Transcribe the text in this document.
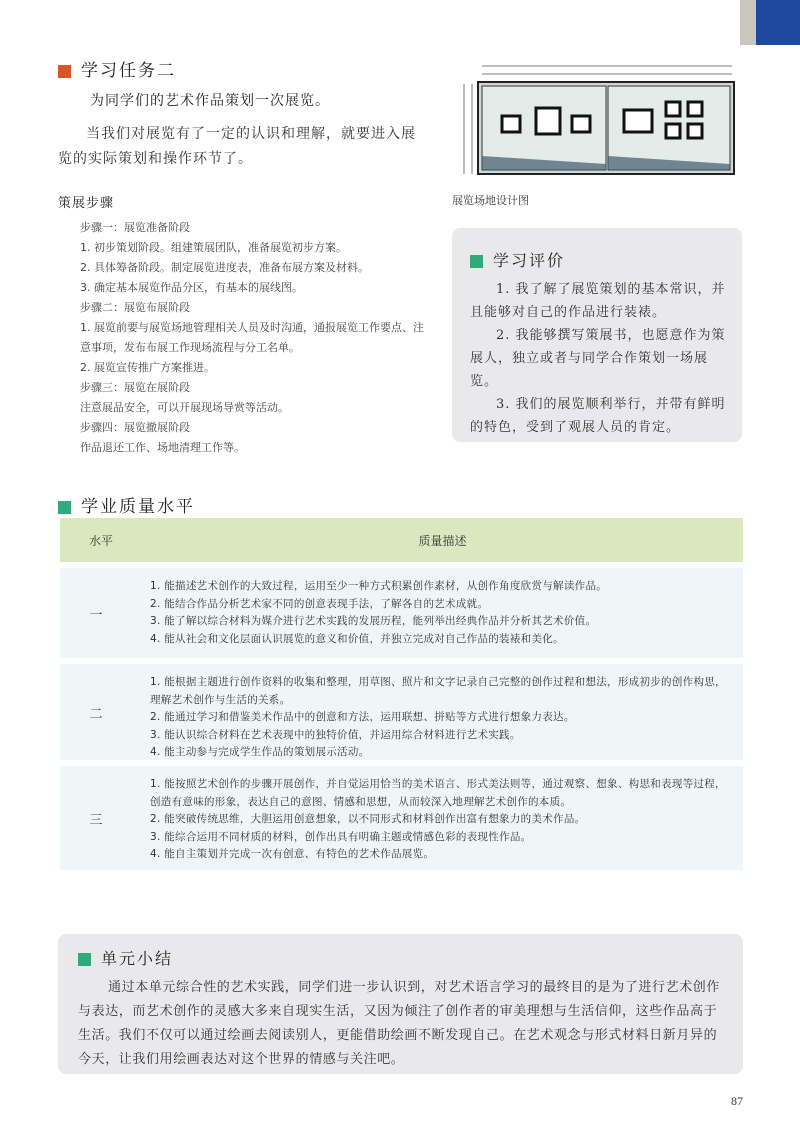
学习任务二
为同学们的艺术作品策划一次展览。
当我们对展览有了一定的认识和理解，就要进入展览的实际策划和操作环节了。
策展步骤
步骤一：展览准备阶段
1. 初步策划阶段。组建策展团队，准备展览初步方案。
2. 具体筹备阶段。制定展览进度表，准备布展方案及材料。
3. 确定基本展览作品分区，有基本的展线图。
步骤二：展览布展阶段
1. 展览前要与展览场地管理相关人员及时沟通，通报展览工作要点、注意事项，发布布展工作现场流程与分工名单。
2. 展览宣传推广方案推进。
步骤三：展览在展阶段
注意展品安全，可以开展现场导赏等活动。
步骤四：展览撤展阶段
作品退还工作、场地清理工作等。
展览场地设计图
学习评价

1. 我了解了展览策划的基本常识，并且能够对自己的作品进行装裱。

2. 我能够撰写策展书，也愿意作为策展人，独立或者与同学合作策划一场展览。

3. 我们的展览顺利举行，并带有鲜明的特色，受到了观展人员的肯定。

学业质量水平
水平	质量描述
一
1. 能描述艺术创作的大致过程，运用至少一种方式积累创作素材，从创作角度欣赏与解读作品。
2. 能结合作品分析艺术家不同的创意表现手法，了解各自的艺术成就。
3. 能了解以综合材料为媒介进行艺术实践的发展历程，能列举出经典作品并分析其艺术价值。
4. 能从社会和文化层面认识展览的意义和价值，并独立完成对自己作品的装裱和美化。
二
1. 能根据主题进行创作资料的收集和整理，用草图、照片和文字记录自己完整的创作过程和想法，形成初步的创作构思，理解艺术创作与生活的关系。
2. 能通过学习和借鉴美术作品中的创意和方法，运用联想、拼贴等方式进行想象力表达。
3. 能认识综合材料在艺术表现中的独特价值，并运用综合材料进行艺术实践。
4. 能主动参与完成学生作品的策划展示活动。
三
1. 能按照艺术创作的步骤开展创作，并自觉运用恰当的美术语言、形式美法则等，通过观察、想象、构思和表现等过程，创造有意味的形象，表达自己的意图、情感和思想，从而较深入地理解艺术创作的本质。
2. 能突破传统思维，大胆运用创意想象，以不同形式和材料创作出富有想象力的美术作品。
3. 能综合运用不同材质的材料，创作出具有明确主题或情感色彩的表现性作品。
4. 能自主策划并完成一次有创意、有特色的艺术作品展览。
单元小结
通过本单元综合性的艺术实践，同学们进一步认识到，对艺术语言学习的最终目的是为了进行艺术创作与表达，而艺术创作的灵感大多来自现实生活，又因为倾注了创作者的审美理想与生活信仰，这些作品高于生活。我们不仅可以通过绘画去阅读别人，更能借助绘画不断发现自己。在艺术观念与形式材料日新月异的今天，让我们用绘画表达对这个世界的情感与关注吧。
87
